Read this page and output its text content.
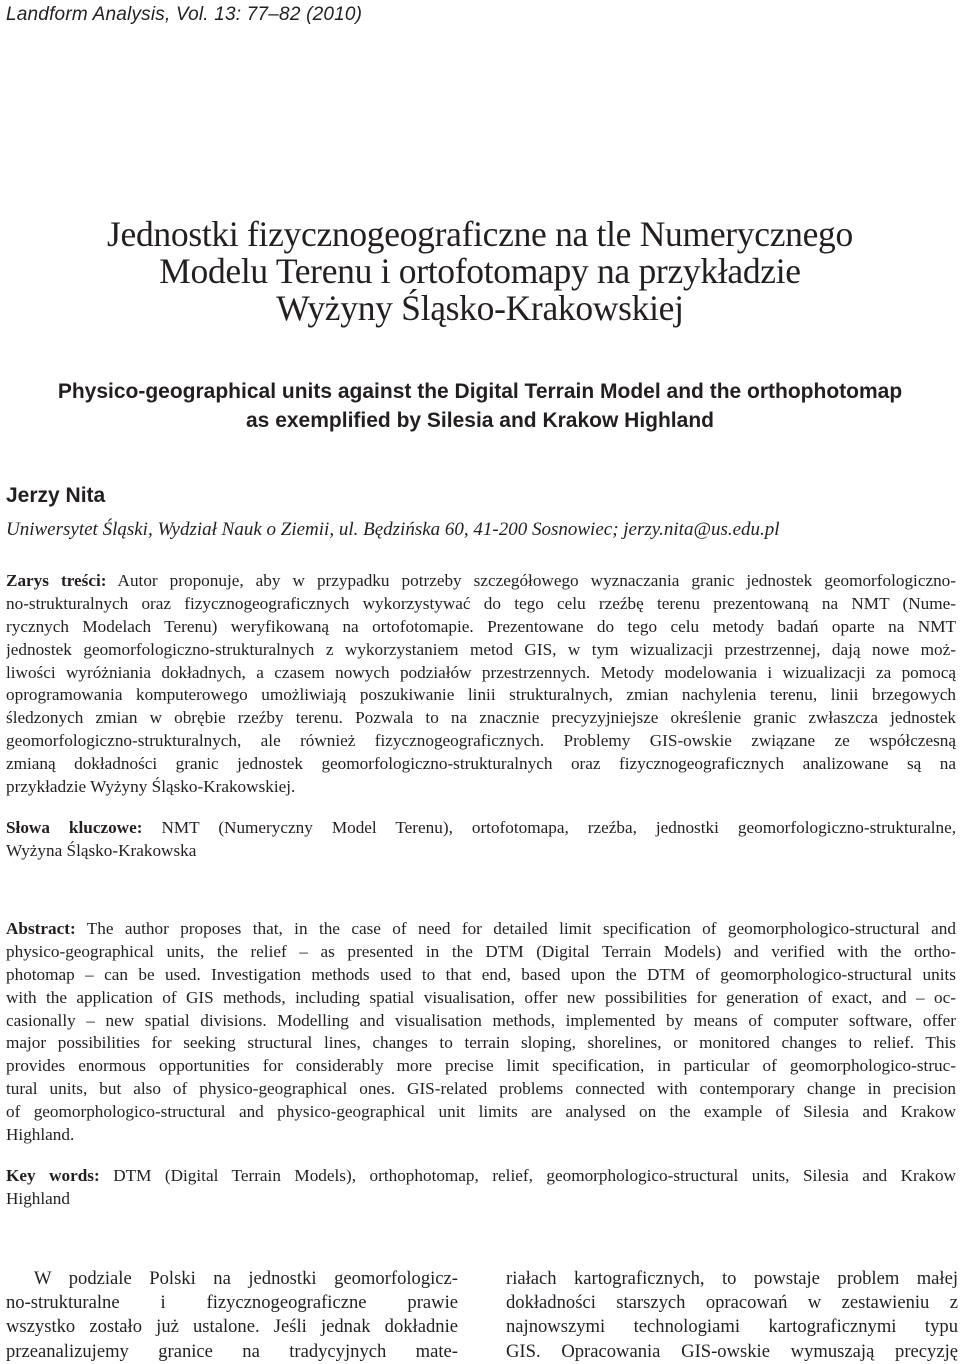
Landform Analysis, Vol. 13: 77–82 (2010)
Jednostki fizycznogeograficzne na tle Numerycznego
Modelu Terenu i ortofotomapy na przykładzie
Wyżyny Śląsko-Krakowskiej
Physico-geographical units against the Digital Terrain Model and the orthophotomap
as exemplified by Silesia and Krakow Highland
Jerzy Nita
Uniwersytet Śląski, Wydział Nauk o Ziemii, ul. Będzińska 60, 41-200 Sosnowiec; jerzy.nita@us.edu.pl
Zarys treści: Autor proponuje, aby w przypadku potrzeby szczegółowego wyznaczania granic jednostek geomorfologiczno-
no-strukturalnych oraz fizycznogeograficznych wykorzystywać do tego celu rzeźbę terenu prezentowaną na NMT (Nume-
rycznych Modelach Terenu) weryfikowaną na ortofotomapie. Prezentowane do tego celu metody badań oparte na NMT
jednostek geomorfologiczno-strukturalnych z wykorzystaniem metod GIS, w tym wizualizacji przestrzennej, dają nowe moż-
liwości wyróżniania dokładnych, a czasem nowych podziałów przestrzennych. Metody modelowania i wizualizacji za pomocą
oprogramowania komputerowego umożliwiają poszukiwanie linii strukturalnych, zmian nachylenia terenu, linii brzegowych
śledzonych zmian w obrębie rzeźby terenu. Pozwala to na znacznie precyzyjniejsze określenie granic zwłaszcza jednostek
geomorfologiczno-strukturalnych, ale również fizycznogeograficznych. Problemy GIS-owskie związane ze współczesną
zmianą dokładności granic jednostek geomorfologiczno-strukturalnych oraz fizycznogeograficznych analizowane są na
przykładzie Wyżyny Śląsko-Krakowskiej.
Słowa kluczowe: NMT (Numeryczny Model Terenu), ortofotomapa, rzeźba, jednostki geomorfologiczno-strukturalne,
Wyżyna Śląsko-Krakowska
Abstract: The author proposes that, in the case of need for detailed limit specification of geomorphologico-structural and
physico-geographical units, the relief – as presented in the DTM (Digital Terrain Models) and verified with the ortho-
photomap – can be used. Investigation methods used to that end, based upon the DTM of geomorphologico-structural units
with the application of GIS methods, including spatial visualisation, offer new possibilities for generation of exact, and – oc-
casionally – new spatial divisions. Modelling and visualisation methods, implemented by means of computer software, offer
major possibilities for seeking structural lines, changes to terrain sloping, shorelines, or monitored changes to relief. This
provides enormous opportunities for considerably more precise limit specification, in particular of geomorphologico-struc-
tural units, but also of physico-geographical ones. GIS-related problems connected with contemporary change in precision
of geomorphologico-structural and physico-geographical unit limits are analysed on the example of Silesia and Krakow
Highland.
Key words: DTM (Digital Terrain Models), orthophotomap, relief, geomorphologico-structural units, Silesia and Krakow
Highland
W podziale Polski na jednostki geomorfologicz-
no-strukturalne i fizycznogeograficzne prawie
wszystko zostało już ustalone. Jeśli jednak dokładnie
przeanalizujemy granice na tradycyjnych mate-
riałach kartograficznych, to powstaje problem małej
dokładności starszych opracowań w zestawieniu z
najnowszymi technologiami kartograficznymi typu
GIS. Opracowania GIS-owskie wymuszają precyzję
